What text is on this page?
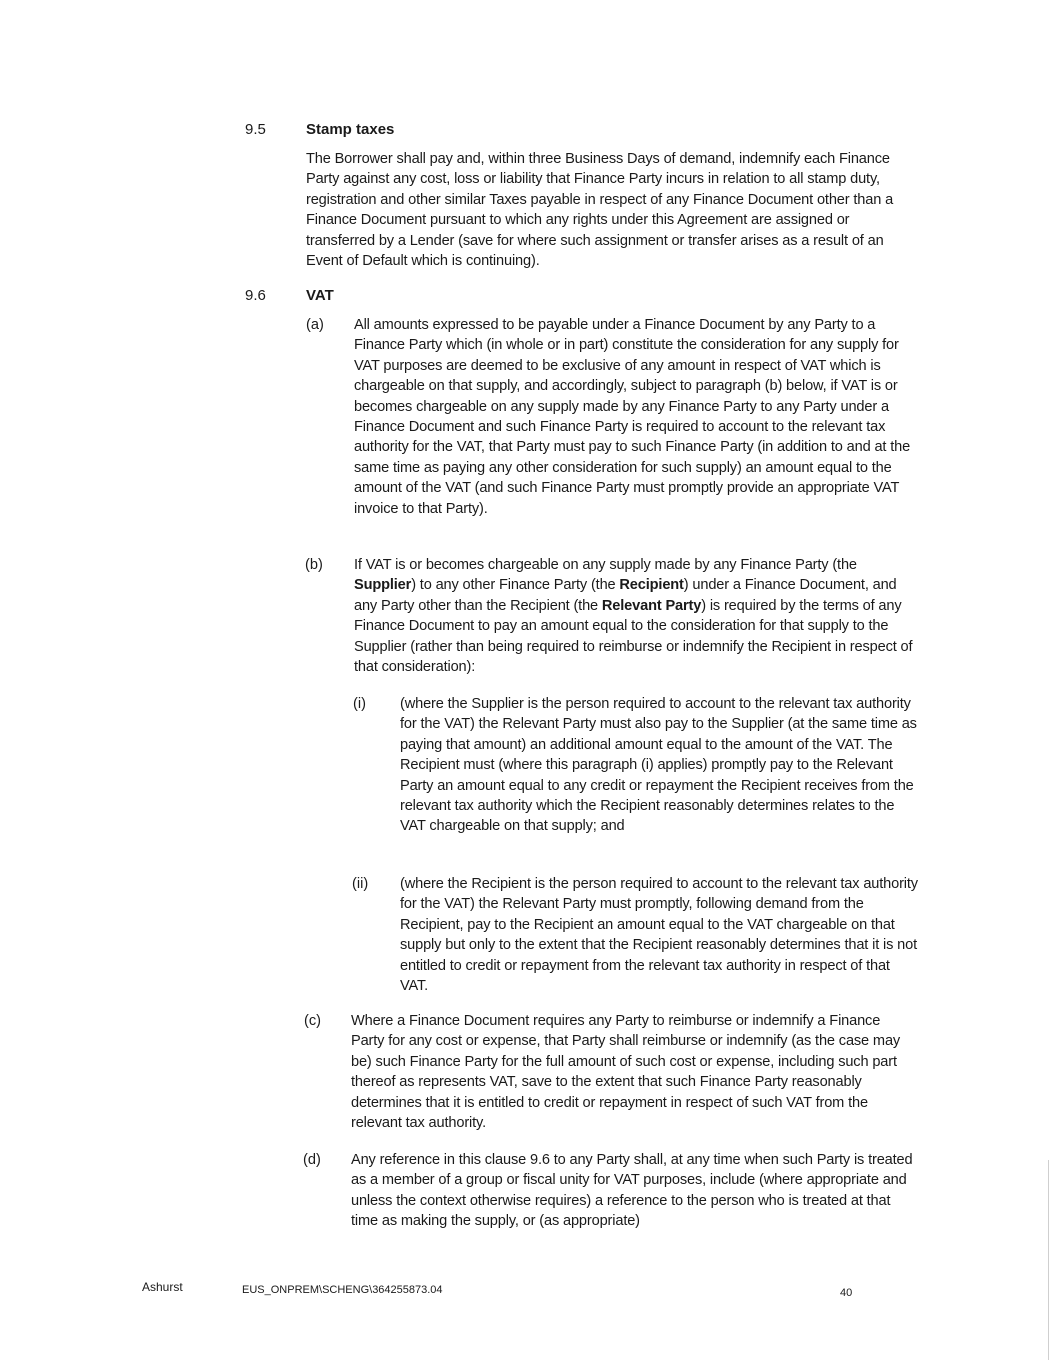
9.5	Stamp taxes

The Borrower shall pay and, within three Business Days of demand, indemnify each Finance Party against any cost, loss or liability that Finance Party incurs in relation to all stamp duty, registration and other similar Taxes payable in respect of any Finance Document other than a Finance Document pursuant to which any rights under this Agreement are assigned or transferred by a Lender (save for where such assignment or transfer arises as a result of an Event of Default which is continuing).

9.6	VAT
(a) All amounts expressed to be payable under a Finance Document by any Party to a Finance Party which (in whole or in part) constitute the consideration for any supply for VAT purposes are deemed to be exclusive of any amount in respect of VAT which is chargeable on that supply, and accordingly, subject to paragraph (b) below, if VAT is or becomes chargeable on any supply made by any Finance Party to any Party under a Finance Document and such Finance Party is required to account to the relevant tax authority for the VAT, that Party must pay to such Finance Party (in addition to and at the same time as paying any other consideration for such supply) an amount equal to the amount of the VAT (and such Finance Party must promptly provide an appropriate VAT invoice to that Party).

(b) If VAT is or becomes chargeable on any supply made by any Finance Party (the Supplier) to any other Finance Party (the Recipient) under a Finance Document, and any Party other than the Recipient (the Relevant Party) is required by the terms of any Finance Document to pay an amount equal to the consideration for that supply to the Supplier (rather than being required to reimburse or indemnify the Recipient in respect of that consideration):

(i) (where the Supplier is the person required to account to the relevant tax authority for the VAT) the Relevant Party must also pay to the Supplier (at the same time as paying that amount) an additional amount equal to the amount of the VAT. The Recipient must (where this paragraph (i) applies) promptly pay to the Relevant Party an amount equal to any credit or repayment the Recipient receives from the relevant tax authority which the Recipient reasonably determines relates to the VAT chargeable on that supply; and

(ii) (where the Recipient is the person required to account to the relevant tax authority for the VAT) the Relevant Party must promptly, following demand from the Recipient, pay to the Recipient an amount equal to the VAT chargeable on that supply but only to the extent that the Recipient reasonably determines that it is not entitled to credit or repayment from the relevant tax authority in respect of that VAT.

(c) Where a Finance Document requires any Party to reimburse or indemnify a Finance Party for any cost or expense, that Party shall reimburse or indemnify (as the case may be) such Finance Party for the full amount of such cost or expense, including such part thereof as represents VAT, save to the extent that such Finance Party reasonably determines that it is entitled to credit or repayment in respect of such VAT from the relevant tax authority.

(d) Any reference in this clause 9.6 to any Party shall, at any time when such Party is treated as a member of a group or fiscal unity for VAT purposes, include (where appropriate and unless the context otherwise requires) a reference to the person who is treated at that time as making the supply, or (as appropriate)

Ashurst	EUS_ONPREM\SCHENG\364255873.04	40
